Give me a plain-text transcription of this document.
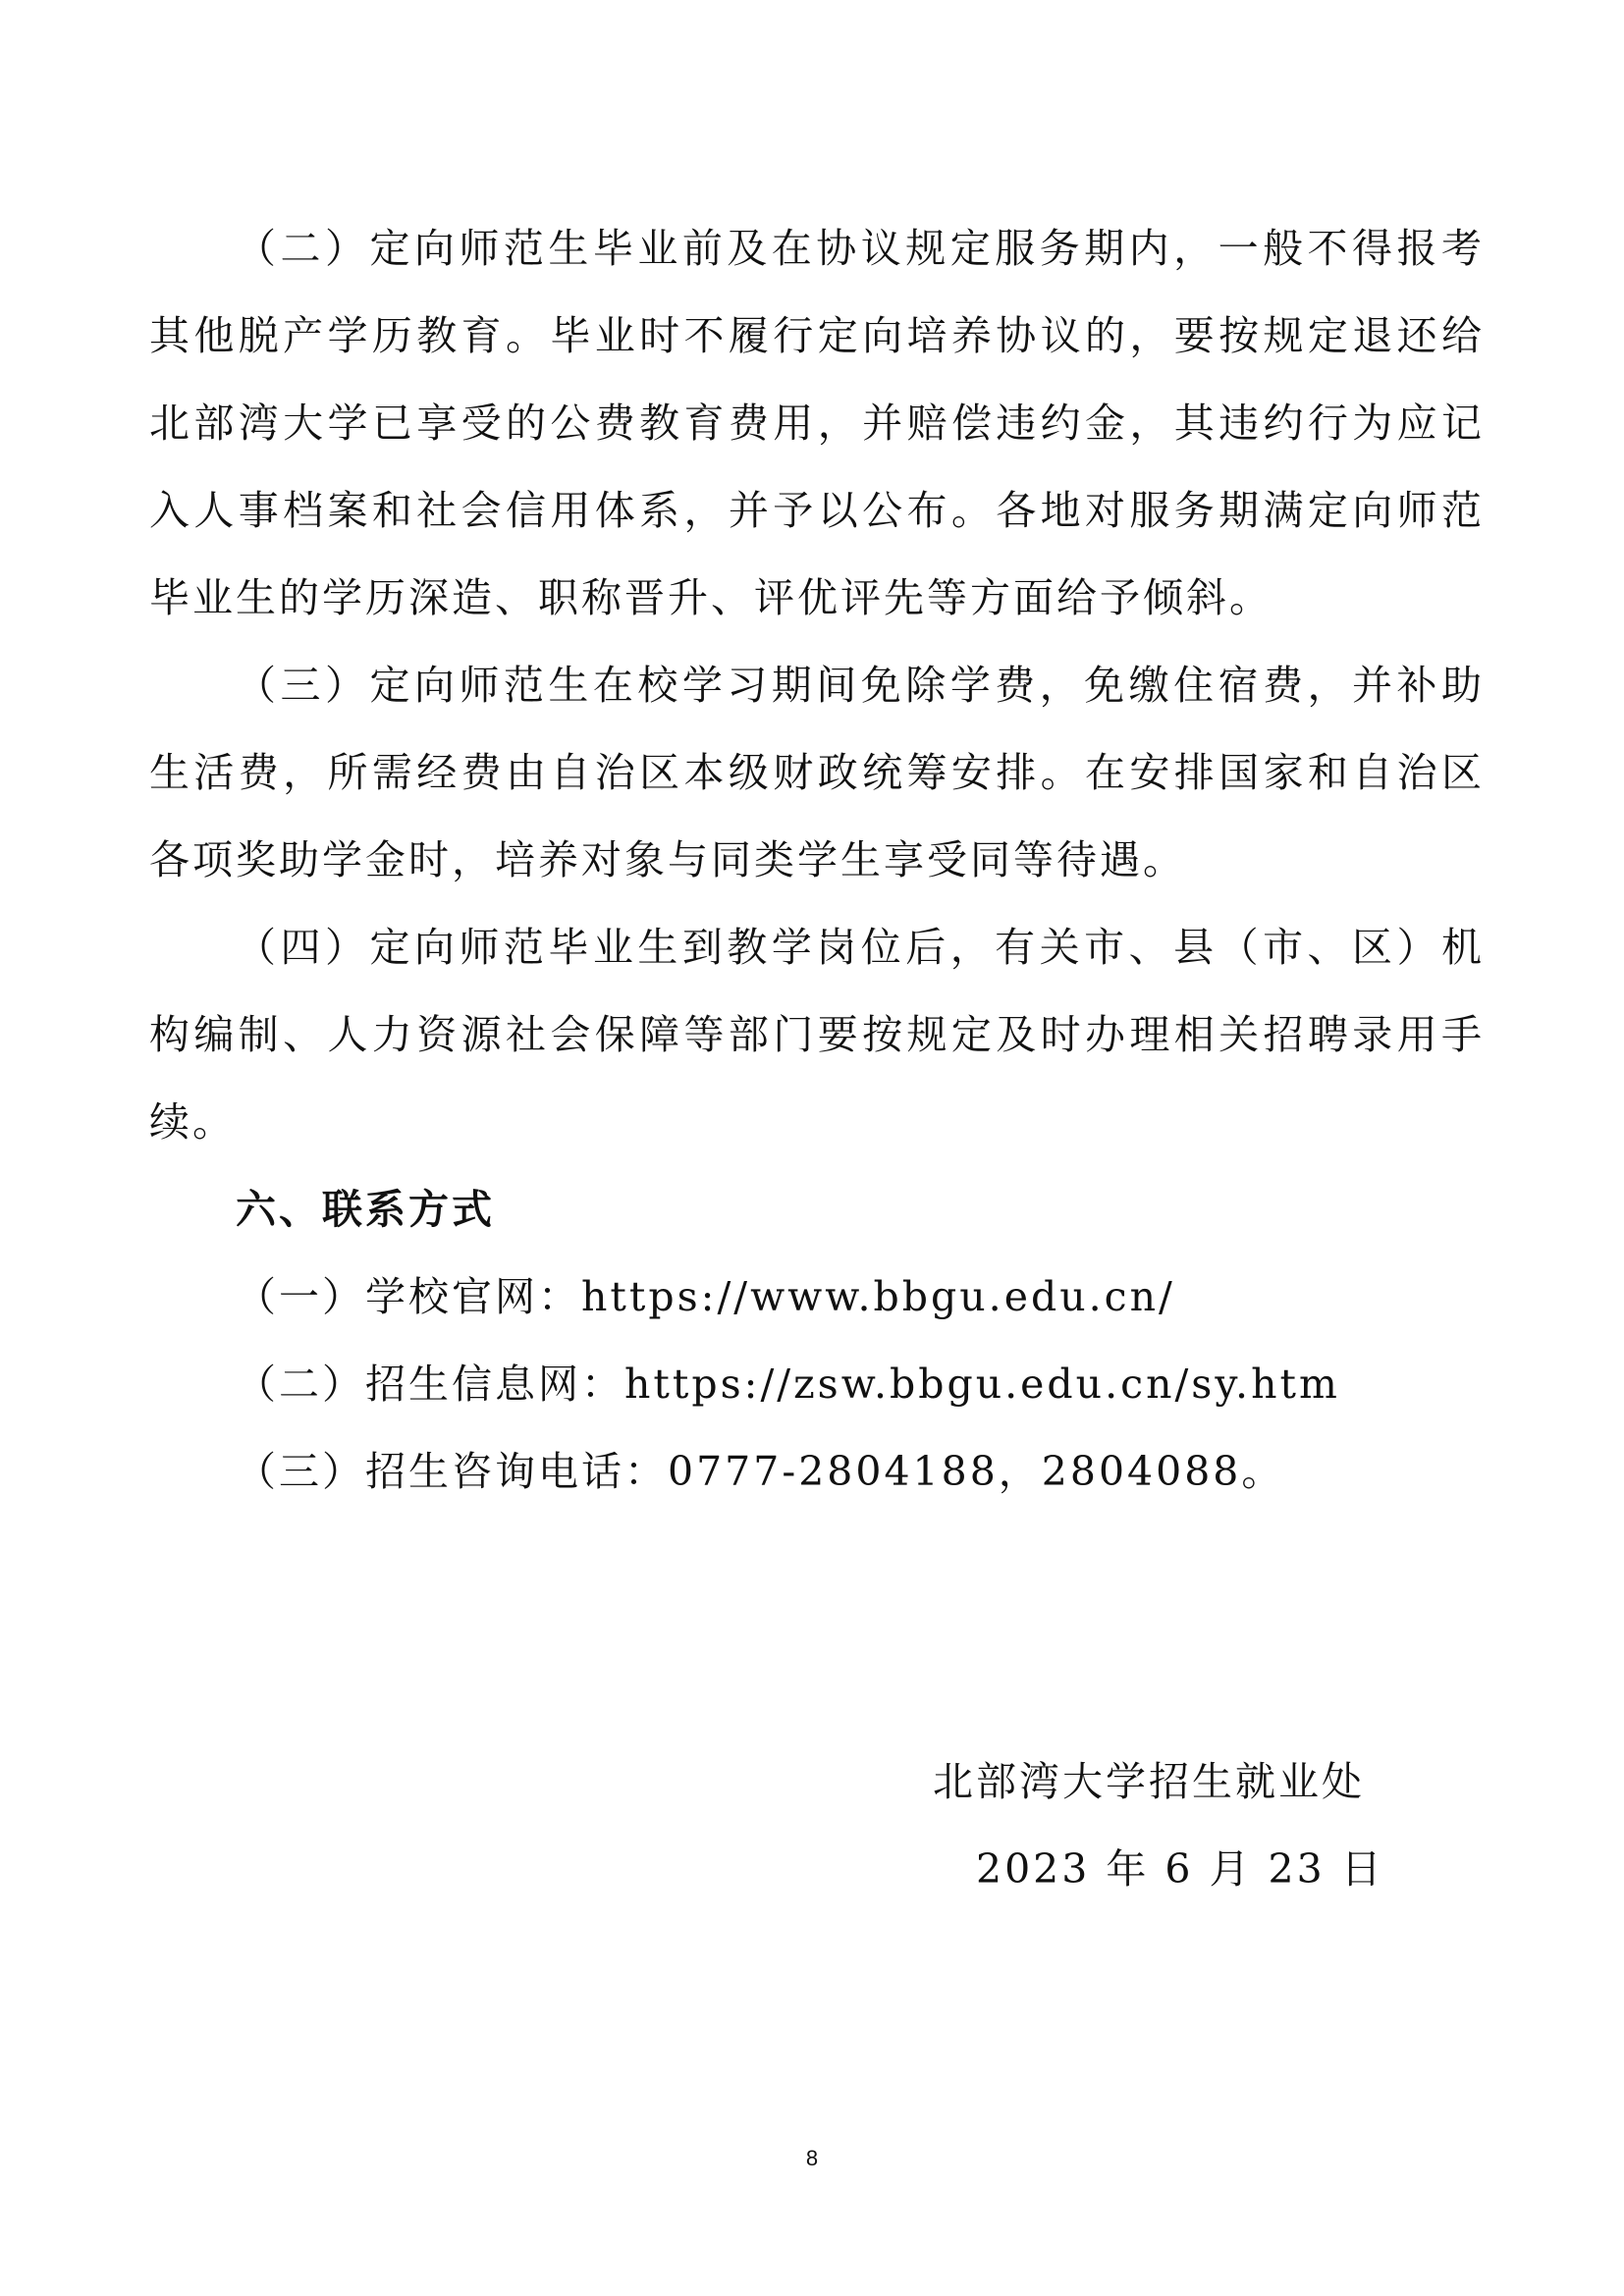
（二）定向师范生毕业前及在协议规定服务期内，一般不得报考其他脱产学历教育。毕业时不履行定向培养协议的，要按规定退还给北部湾大学已享受的公费教育费用，并赔偿违约金，其违约行为应记入人事档案和社会信用体系，并予以公布。各地对服务期满定向师范毕业生的学历深造、职称晋升、评优评先等方面给予倾斜。

（三）定向师范生在校学习期间免除学费，免缴住宿费，并补助生活费，所需经费由自治区本级财政统筹安排。在安排国家和自治区各项奖助学金时，培养对象与同类学生享受同等待遇。

（四）定向师范毕业生到教学岗位后，有关市、县（市、区）机构编制、人力资源社会保障等部门要按规定及时办理相关招聘录用手续。

六、联系方式

（一）学校官网：https://www.bbgu.edu.cn/

（二）招生信息网：https://zsw.bbgu.edu.cn/sy.htm

（三）招生咨询电话：0777-2804188，2804088。

北部湾大学招生就业处
2023 年 6 月 23 日
8
